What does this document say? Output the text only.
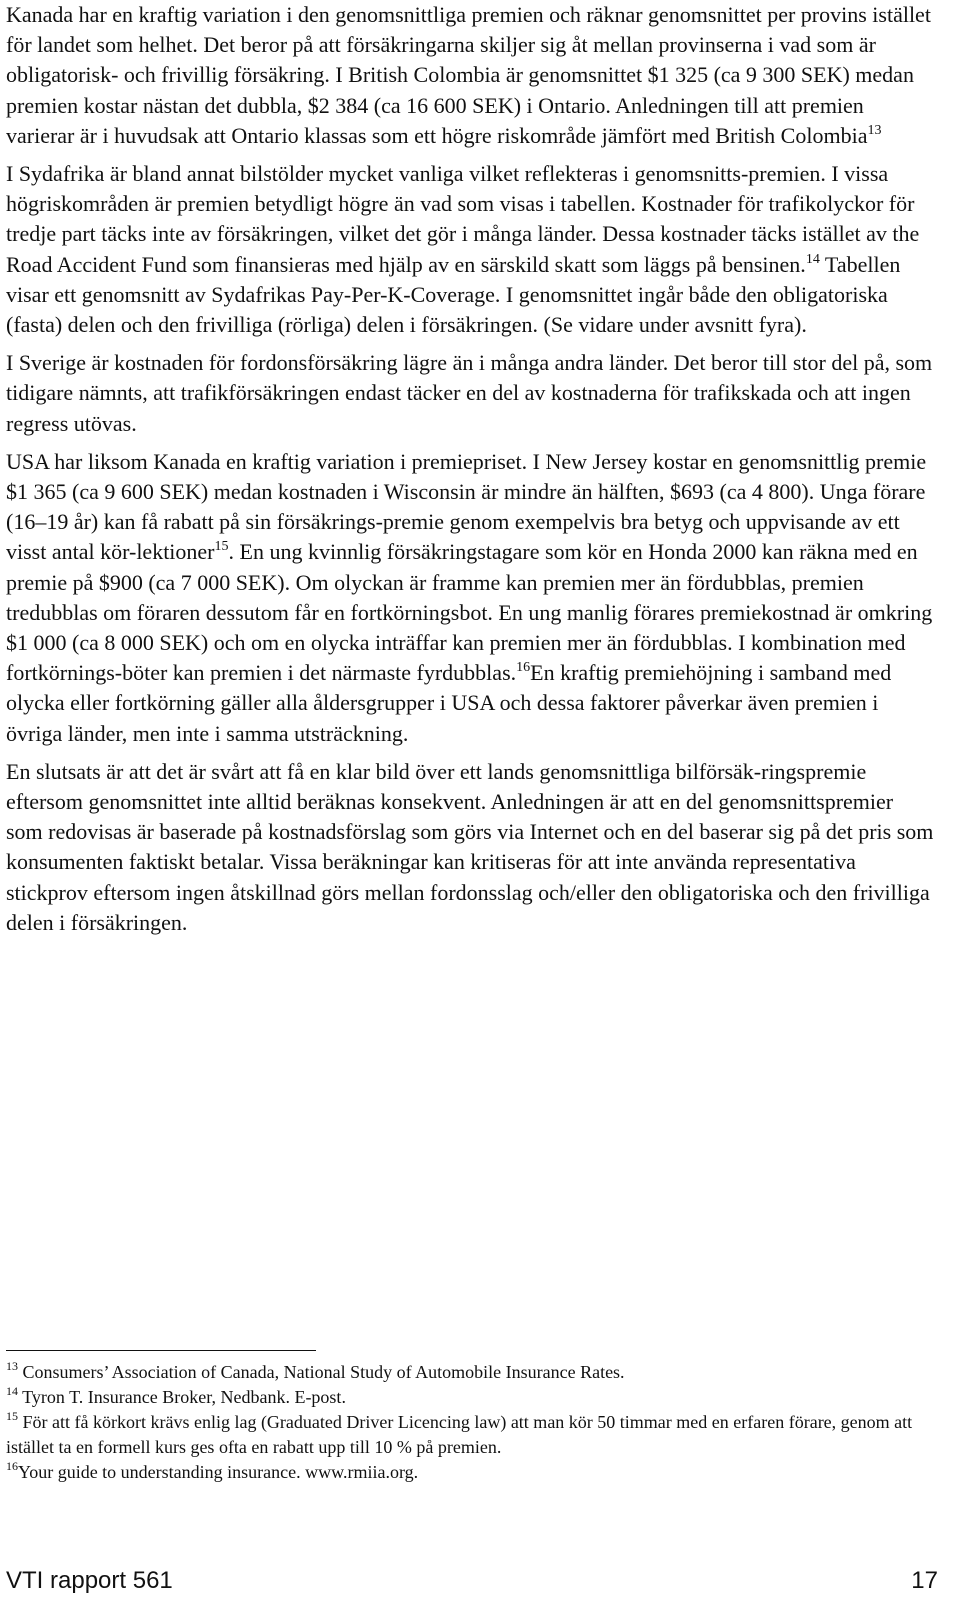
Kanada har en kraftig variation i den genomsnittliga premien och räknar genomsnittet per provins istället för landet som helhet. Det beror på att försäkringarna skiljer sig åt mellan provinserna i vad som är obligatorisk- och frivillig försäkring. I British Colombia är genomsnittet $1 325 (ca 9 300 SEK) medan premien kostar nästan det dubbla, $2 384 (ca 16 600 SEK) i Ontario. Anledningen till att premien varierar är i huvudsak att Ontario klassas som ett högre riskområde jämfört med British Colombia$^{13}$

I Sydafrika är bland annat bilstölder mycket vanliga vilket reflekteras i genomsnitts-premien. I vissa högriskområden är premien betydligt högre än vad som visas i tabellen. Kostnader för trafikolyckor för tredje part täcks inte av försäkringen, vilket det gör i många länder. Dessa kostnader täcks istället av the Road Accident Fund som finansieras med hjälp av en särskild skatt som läggs på bensinen.$^{14}$ Tabellen visar ett genomsnitt av Sydafrikas Pay-Per-K-Coverage. I genomsnittet ingår både den obligatoriska (fasta) delen och den frivilliga (rörliga) delen i försäkringen. (Se vidare under avsnitt fyra).

I Sverige är kostnaden för fordonsförsäkring lägre än i många andra länder. Det beror till stor del på, som tidigare nämnts, att trafikförsäkringen endast täcker en del av kostnaderna för trafikskada och att ingen regress utövas.

USA har liksom Kanada en kraftig variation i premiepriset. I New Jersey kostar en genomsnittlig premie $1 365 (ca 9 600 SEK) medan kostnaden i Wisconsin är mindre än hälften, $693 (ca 4 800). Unga förare (16–19 år) kan få rabatt på sin försäkrings-premie genom exempelvis bra betyg och uppvisande av ett visst antal kör-lektioner$^{15}$. En ung kvinnlig försäkringstagare som kör en Honda 2000 kan räkna med en premie på $900 (ca 7 000 SEK). Om olyckan är framme kan premien mer än fördubblas, premien tredubblas om föraren dessutom får en fortkörningsbot. En ung manlig förares premiekostnad är omkring $1 000 (ca 8 000 SEK) och om en olycka inträffar kan premien mer än fördubblas. I kombination med fortkörnings-böter kan premien i det närmaste fyrdubblas.$^{16}$En kraftig premiehöjning i samband med olycka eller fortkörning gäller alla åldersgrupper i USA och dessa faktorer påverkar även premien i övriga länder, men inte i samma utsträckning.

En slutsats är att det är svårt att få en klar bild över ett lands genomsnittliga bilförsäk-ringspremie eftersom genomsnittet inte alltid beräknas konsekvent. Anledningen är att en del genomsnittspremier som redovisas är baserade på kostnadsförslag som görs via Internet och en del baserar sig på det pris som konsumenten faktiskt betalar. Vissa beräkningar kan kritiseras för att inte använda representativa stickprov eftersom ingen åtskillnad görs mellan fordonsslag och/eller den obligatoriska och den frivilliga delen i försäkringen.

$^{13}$ Consumers’ Association of Canada, National Study of Automobile Insurance Rates.

$^{14}$ Tyron T. Insurance Broker, Nedbank. E-post.

$^{15}$ För att få körkort krävs enlig lag (Graduated Driver Licencing law) att man kör 50 timmar med en erfaren förare, genom att istället ta en formell kurs ges ofta en rabatt upp till 10 % på premien.

$^{16}$Your guide to understanding insurance. www.rmiia.org.

VTI rapport 561	17
